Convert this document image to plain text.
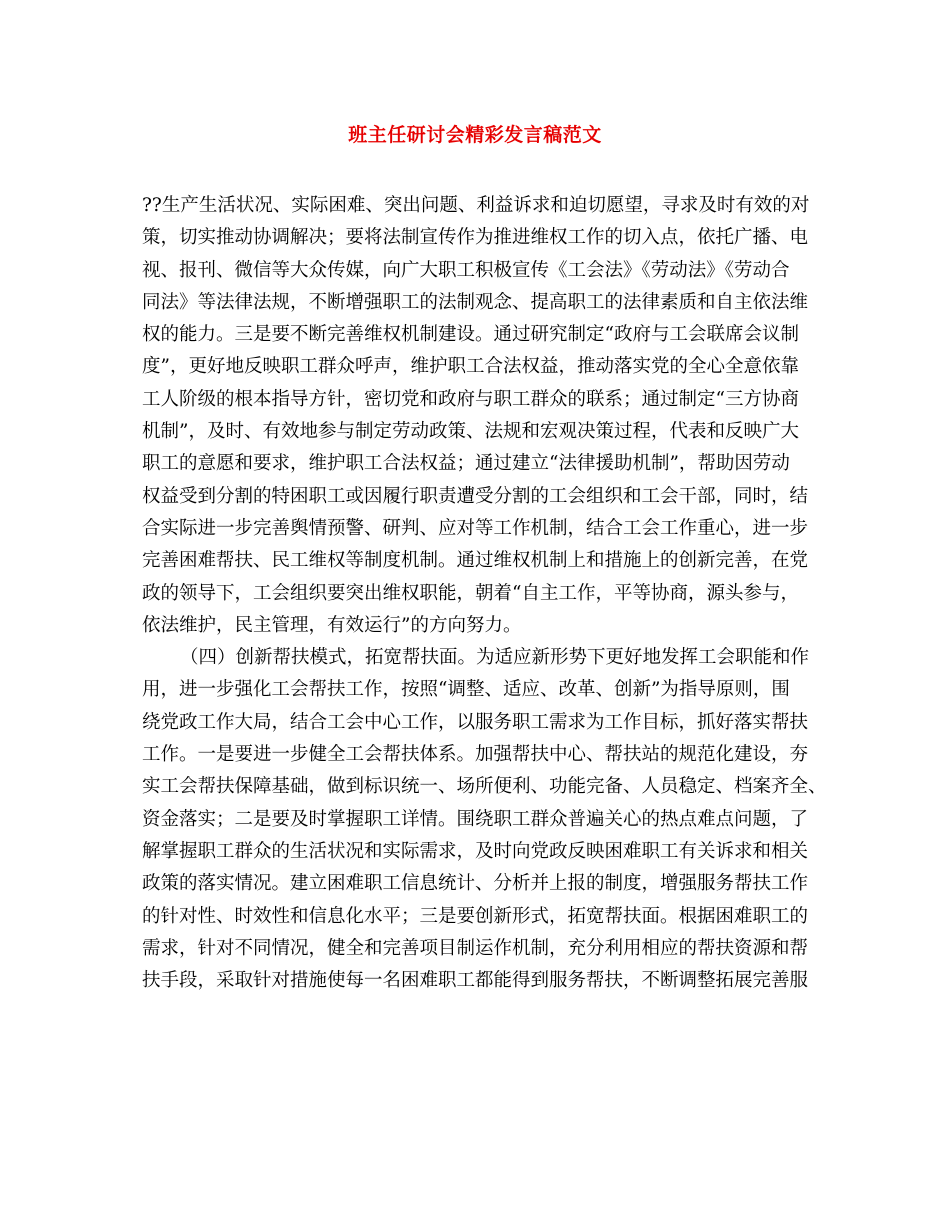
班主任研讨会精彩发言稿范文
??生产生活状况、实际困难、突出问题、利益诉求和迫切愿望，寻求及时有效的对
策，切实推动协调解决；要将法制宣传作为推进维权工作的切入点，依托广播、电
视、报刊、微信等大众传媒，向广大职工积极宣传《工会法》《劳动法》《劳动合
同法》等法律法规，不断增强职工的法制观念、提高职工的法律素质和自主依法维
权的能力。三是要不断完善维权机制建设。通过研究制定“政府与工会联席会议制
度”，更好地反映职工群众呼声，维护职工合法权益，推动落实党的全心全意依靠
工人阶级的根本指导方针，密切党和政府与职工群众的联系；通过制定“三方协商
机制”，及时、有效地参与制定劳动政策、法规和宏观决策过程，代表和反映广大
职工的意愿和要求，维护职工合法权益；通过建立“法律援助机制”，帮助因劳动
权益受到分割的特困职工或因履行职责遭受分割的工会组织和工会干部，同时，结
合实际进一步完善舆情预警、研判、应对等工作机制，结合工会工作重心，进一步
完善困难帮扶、民工维权等制度机制。通过维权机制上和措施上的创新完善，在党
政的领导下，工会组织要突出维权职能，朝着“自主工作，平等协商，源头参与，
依法维护，民主管理，有效运行”的方向努力。
（四）创新帮扶模式，拓宽帮扶面。为适应新形势下更好地发挥工会职能和作
用，进一步强化工会帮扶工作，按照“调整、适应、改革、创新”为指导原则，围
绕党政工作大局，结合工会中心工作，以服务职工需求为工作目标，抓好落实帮扶
工作。一是要进一步健全工会帮扶体系。加强帮扶中心、帮扶站的规范化建设，夯
实工会帮扶保障基础，做到标识统一、场所便利、功能完备、人员稳定、档案齐全、
资金落实；二是要及时掌握职工详情。围绕职工群众普遍关心的热点难点问题，了
解掌握职工群众的生活状况和实际需求，及时向党政反映困难职工有关诉求和相关
政策的落实情况。建立困难职工信息统计、分析并上报的制度，增强服务帮扶工作
的针对性、时效性和信息化水平；三是要创新形式，拓宽帮扶面。根据困难职工的
需求，针对不同情况，健全和完善项目制运作机制，充分利用相应的帮扶资源和帮
扶手段，采取针对措施使每一名困难职工都能得到服务帮扶，不断调整拓展完善服
